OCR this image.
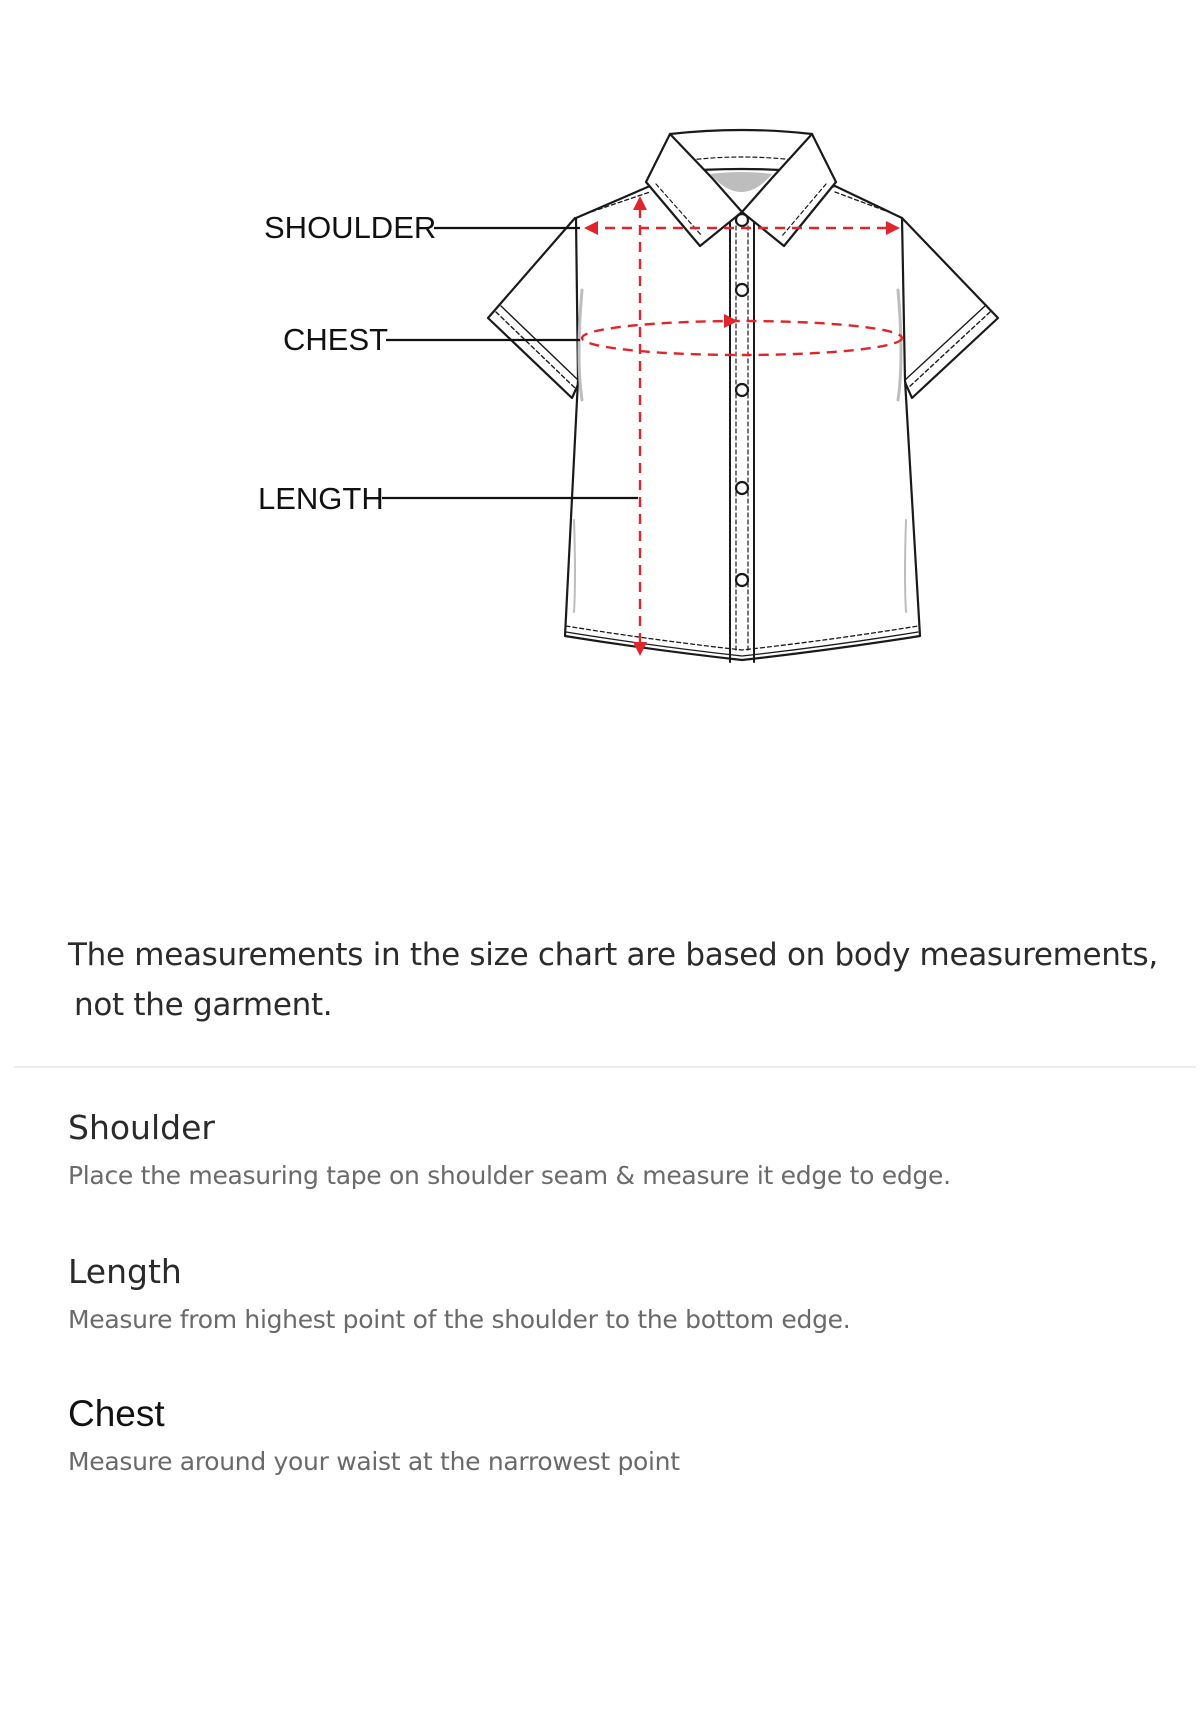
SHOULDER
CHEST
LENGTH
The measurements in the size chart are based on body measurements,
not the garment.
Shoulder
Place the measuring tape on shoulder seam & measure it edge to edge.
Length
Measure from highest point of the shoulder to the bottom edge.
Chest
Measure around your waist at the narrowest point
